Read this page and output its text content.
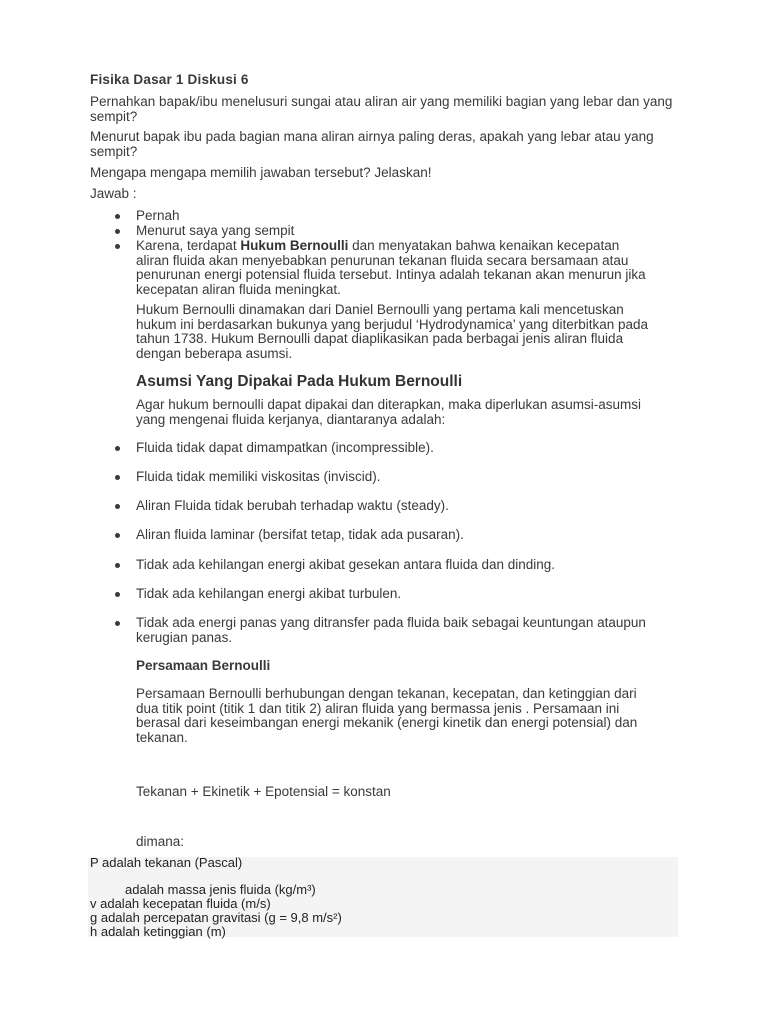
Fisika Dasar 1 Diskusi 6

Pernahkan bapak/ibu menelusuri sungai atau aliran air yang memiliki bagian yang lebar dan yang sempit?

Menurut bapak ibu pada bagian mana aliran airnya paling deras, apakah yang lebar atau yang sempit?

Mengapa mengapa memilih jawaban tersebut? Jelaskan!

Jawab :

Pernah

Menurut saya yang sempit

Karena, terdapat Hukum Bernoulli dan menyatakan bahwa kenaikan kecepatan aliran fluida akan menyebabkan penurunan tekanan fluida secara bersamaan atau penurunan energi potensial fluida tersebut. Intinya adalah tekanan akan menurun jika kecepatan aliran fluida meningkat.

Hukum Bernoulli dinamakan dari Daniel Bernoulli yang pertama kali mencetuskan hukum ini berdasarkan bukunya yang berjudul ‘Hydrodynamica’ yang diterbitkan pada tahun 1738. Hukum Bernoulli dapat diaplikasikan pada berbagai jenis aliran fluida dengan beberapa asumsi.

Asumsi Yang Dipakai Pada Hukum Bernoulli

Agar hukum bernoulli dapat dipakai dan diterapkan, maka diperlukan asumsi-asumsi yang mengenai fluida kerjanya, diantaranya adalah:

Fluida tidak dapat dimampatkan (incompressible).

Fluida tidak memiliki viskositas (inviscid).

Aliran Fluida tidak berubah terhadap waktu (steady).

Aliran fluida laminar (bersifat tetap, tidak ada pusaran).

Tidak ada kehilangan energi akibat gesekan antara fluida dan dinding.

Tidak ada kehilangan energi akibat turbulen.

Tidak ada energi panas yang ditransfer pada fluida baik sebagai keuntungan ataupun kerugian panas.

Persamaan Bernoulli

Persamaan Bernoulli berhubungan dengan tekanan, kecepatan, dan ketinggian dari dua titik point (titik 1 dan titik 2) aliran fluida yang bermassa jenis . Persamaan ini berasal dari keseimbangan energi mekanik (energi kinetik dan energi potensial) dan tekanan.

Tekanan + Ekinetik + Epotensial = konstan

dimana:

P adalah tekanan (Pascal)

adalah massa jenis fluida (kg/m³)

v adalah kecepatan fluida (m/s)

g adalah percepatan gravitasi (g = 9,8 m/s²)

h adalah ketinggian (m)
